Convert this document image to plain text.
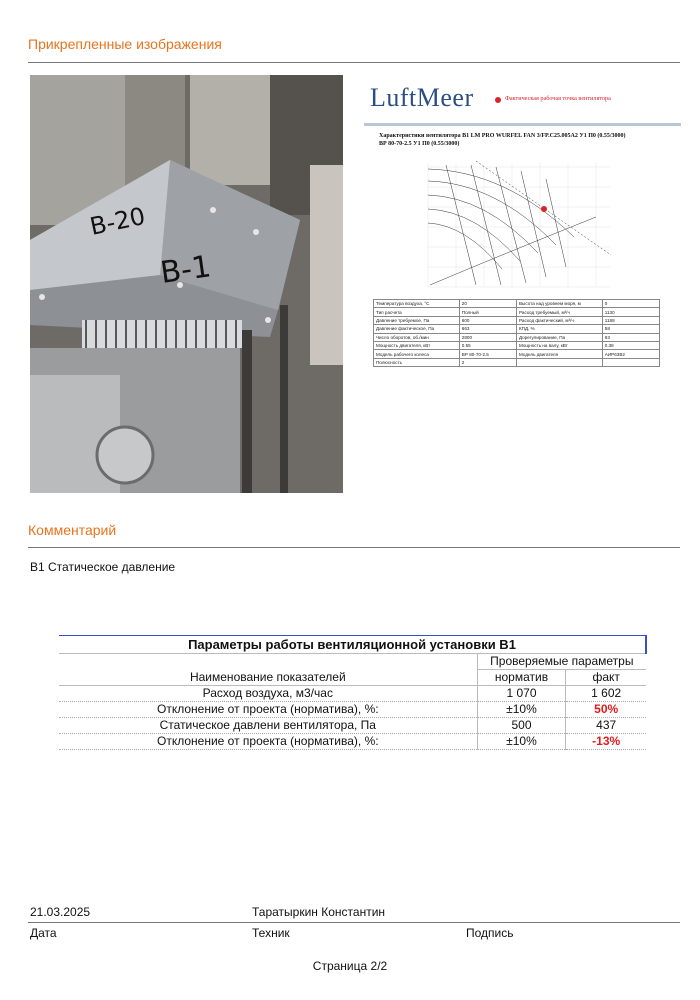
Прикрепленные изображения
B-20
B-1
LuftMeer	Фактическая рабочая точка вентилятора
Характеристики вентилятора В1 LM PRO WURFEL FAN 3/FP.C25.005A2 У1 П0 (0.55/3000)
ВР 80-70-2.5 У1 П0 (0.55/3000)
Температура воздуха, °С	20	Высота над уровнем моря, м	0
Тип расчета	Полный	Расход требуемый, м³/ч	1130
Давление требуемое, Па	600	Расход фактический, м³/ч	1188
Давление фактическое, Па	663	КПД, %	58
Число оборотов, об./мин	2800	Дорегулирование, Па	63
Мощность двигателя, кВт	0.55	Мощность на валу, кВт	0.38
Модель рабочего колеса	ВР 80-70-2.5	Модель двигателя	АИР63В2
Полюсность	2		
Комментарий
В1 Статическое давление
Параметры работы вентиляционной установки В1		
Наименование показателей	Проверяемые параметры	
	норматив	факт
Расход воздуха, м3/час	1 070	1 602
Отклонение от проекта (норматива), %:	±10%	50%
Статическое давлени вентилятора, Па	500	437
Отклонение от проекта (норматива), %:	±10%	-13%
21.03.2025	Таратыркин Константин
Дата	Техник	Подпись
Страница 2/2
